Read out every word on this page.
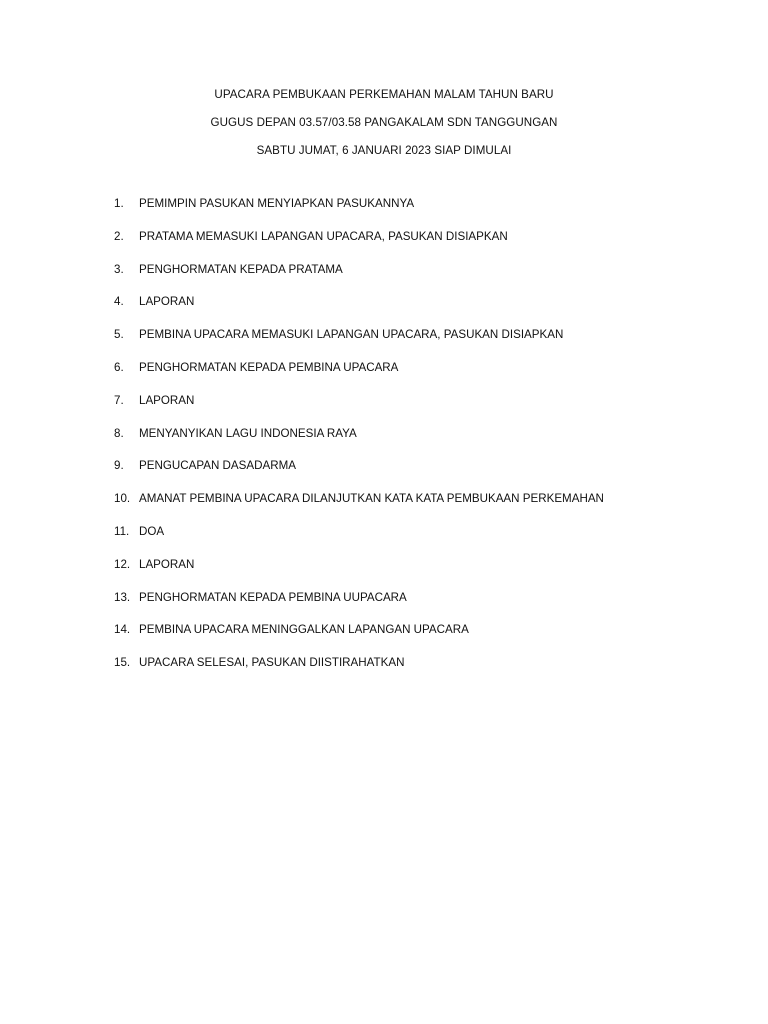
UPACARA PEMBUKAAN PERKEMAHAN MALAM TAHUN BARU
GUGUS DEPAN 03.57/03.58 PANGAKALAM SDN TANGGUNGAN
SABTU JUMAT, 6 JANUARI 2023 SIAP DIMULAI
1.	PEMIMPIN PASUKAN MENYIAPKAN PASUKANNYA
2.	PRATAMA MEMASUKI LAPANGAN UPACARA, PASUKAN DISIAPKAN
3.	PENGHORMATAN KEPADA PRATAMA
4.	LAPORAN
5.	PEMBINA UPACARA MEMASUKI LAPANGAN UPACARA, PASUKAN DISIAPKAN
6.	PENGHORMATAN KEPADA PEMBINA UPACARA
7.	LAPORAN
8.	MENYANYIKAN LAGU INDONESIA RAYA
9.	PENGUCAPAN DASADARMA
10. AMANAT PEMBINA UPACARA DILANJUTKAN KATA KATA PEMBUKAAN PERKEMAHAN
11. DOA
12. LAPORAN
13. PENGHORMATAN KEPADA PEMBINA UUPACARA
14. PEMBINA UPACARA MENINGGALKAN LAPANGAN UPACARA
15. UPACARA SELESAI, PASUKAN DIISTIRAHATKAN
